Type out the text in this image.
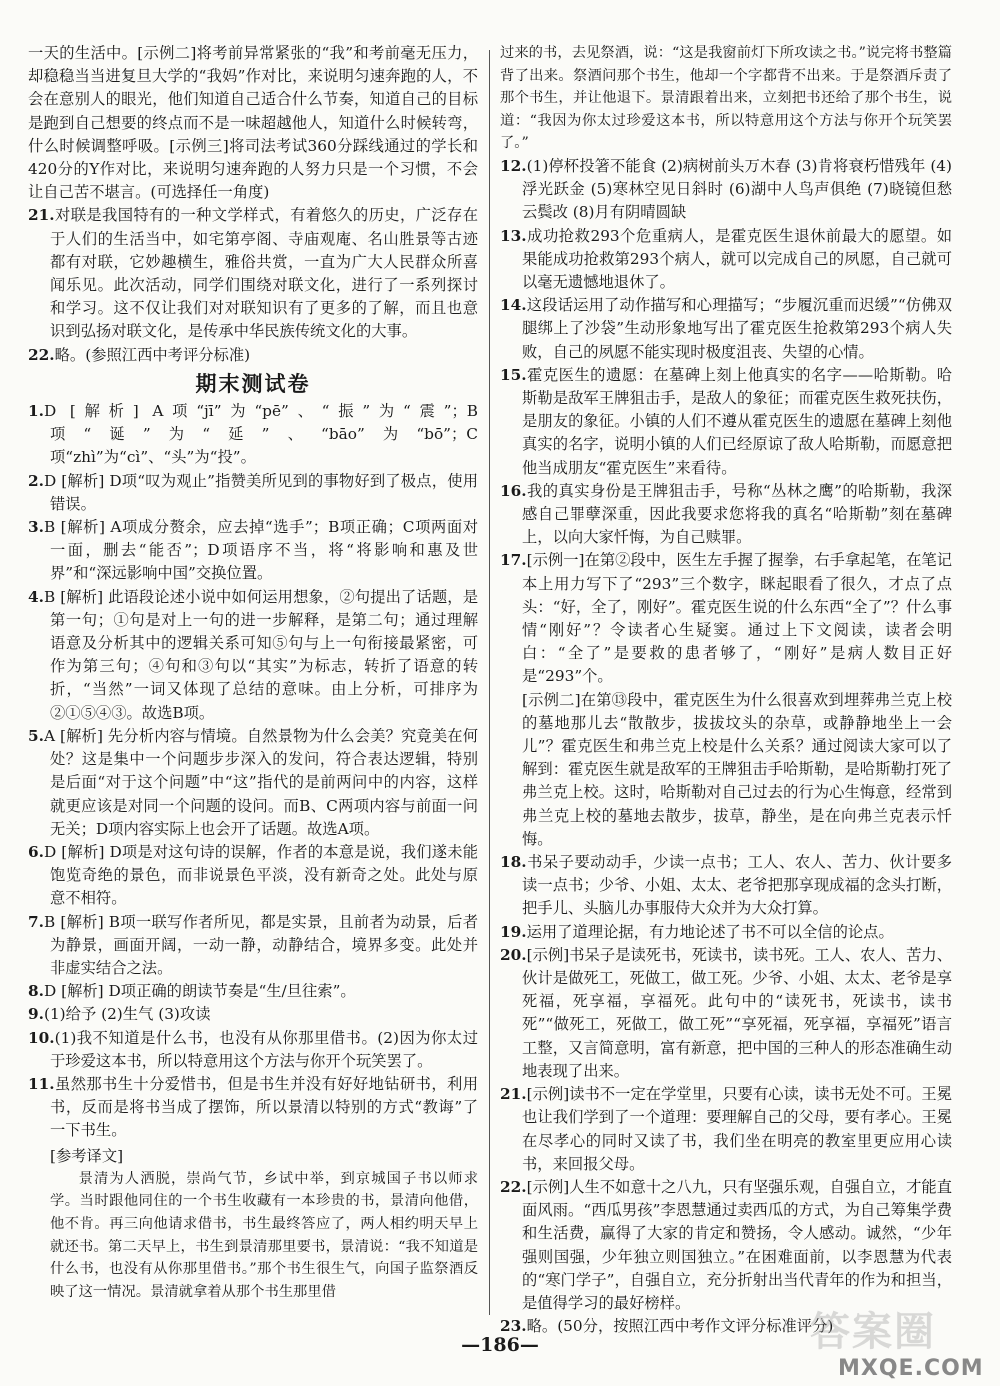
一天的生活中。[示例二]将考前异常紧张的“我”和考前毫无压力，却稳稳当当进复旦大学的“我妈”作对比，来说明匀速奔跑的人，不会在意别人的眼光，他们知道自己适合什么节奏，知道自己的目标是跑到自己想要的终点而不是一味超越他人，知道什么时候转弯，什么时候调整呼吸。[示例三]将司法考试360分踩线通过的学长和420分的Y作对比，来说明匀速奔跑的人努力只是一个习惯，不会让自己苦不堪言。(可选择任一角度)

21.对联是我国特有的一种文学样式，有着悠久的历史，广泛存在于人们的生活当中，如宅第亭阁、寺庙观庵、名山胜景等古迹都有对联，它妙趣横生，雅俗共赏，一直为广大人民群众所喜闻乐见。此次活动，同学们围绕对联文化，进行了一系列探讨和学习。这不仅让我们对对联知识有了更多的了解，而且也意识到弘扬对联文化，是传承中华民族传统文化的大事。

22.略。(参照江西中考评分标准)

期末测试卷

1.D [解析] A项“jī”为“pē”、“振”为“震”；B项“诞”为“延”、“bāo”为“bō”；C项“zhì”为“cì”、“头”为“投”。

2.D [解析] D项“叹为观止”指赞美所见到的事物好到了极点，使用错误。

3.B [解析] A项成分赘余，应去掉“选手”；B项正确；C项两面对一面，删去“能否”；D项语序不当，将“将影响和惠及世界”和“深远影响中国”交换位置。

4.B [解析] 此语段论述小说中如何运用想象，②句提出了话题，是第一句；①句是对上一句的进一步解释，是第二句；通过理解语意及分析其中的逻辑关系可知⑤句与上一句衔接最紧密，可作为第三句；④句和③句以“其实”为标志，转折了语意的转折，“当然”一词又体现了总结的意味。由上分析，可排序为②①⑤④③。故选B项。

5.A [解析] 先分析内容与情境。自然景物为什么会美？究竟美在何处？这是集中一个问题步步深入的发问，符合表达逻辑，特别是后面“对于这个问题”中“这”指代的是前两问中的内容，这样就更应该是对同一个问题的设问。而B、C两项内容与前面一问无关；D项内容实际上也会开了话题。故选A项。

6.D [解析] D项是对这句诗的误解，作者的本意是说，我们遂未能饱览奇绝的景色，而非说景色平淡，没有新奇之处。此处与原意不相符。

7.B [解析] B项一联写作者所见，都是实景，且前者为动景，后者为静景，画面开阔，一动一静，动静结合，境界多变。此处并非虚实结合之法。

8.D [解析] D项正确的朗读节奏是“生/旦往索”。

9.(1)给予 (2)生气 (3)攻读

10.(1)我不知道是什么书，也没有从你那里借书。(2)因为你太过于珍爱这本书，所以特意用这个方法与你开个玩笑罢了。

11.虽然那书生十分爱惜书，但是书生并没有好好地钻研书，利用书，反而是将书当成了摆饰，所以景清以特别的方式“教诲”了一下书生。

[参考译文]

景清为人洒脱，崇尚气节，乡试中举，到京城国子书以师求学。当时跟他同住的一个书生收藏有一本珍贵的书，景清向他借，他不肯。再三向他请求借书，书生最终答应了，两人相约明天早上就还书。第二天早上，书生到景清那里要书，景清说：“我不知道是什么书，也没有从你那里借书。”那个书生很生气，向国子监祭酒反映了这一情况。景清就拿着从那个书生那里借

过来的书，去见祭酒，说：“这是我窗前灯下所攻读之书。”说完将书整篇背了出来。祭酒问那个书生，他却一个字都背不出来。于是祭酒斥责了那个书生，并让他退下。景清跟着出来，立刻把书还给了那个书生，说道：“我因为你太过珍爱这本书，所以特意用这个方法与你开个玩笑罢了。”

12.(1)停杯投箸不能食 (2)病树前头万木春 (3)肯将衰朽惜残年 (4)浮光跃金 (5)寒林空见日斜时 (6)湖中人鸟声俱绝 (7)晓镜但愁云鬓改 (8)月有阴晴圆缺

13.成功抢救293个危重病人，是霍克医生退休前最大的愿望。如果能成功抢救第293个病人，就可以完成自己的夙愿，自己就可以毫无遗憾地退休了。

14.这段话运用了动作描写和心理描写；“步履沉重而迟缓”“仿佛双腿绑上了沙袋”生动形象地写出了霍克医生抢救第293个病人失败，自己的夙愿不能实现时极度沮丧、失望的心情。

15.霍克医生的遗愿：在墓碑上刻上他真实的名字——哈斯勒。哈斯勒是敌军王牌狙击手，是敌人的象征；而霍克医生救死扶伤，是朋友的象征。小镇的人们不遵从霍克医生的遗愿在墓碑上刻他真实的名字，说明小镇的人们已经原谅了敌人哈斯勒，而愿意把他当成朋友“霍克医生”来看待。

16.我的真实身份是王牌狙击手，号称“丛林之鹰”的哈斯勒，我深感自己罪孽深重，因此我要求您将我的真名“哈斯勒”刻在墓碑上，以向大家忏悔，为自己赎罪。

17.[示例一]在第②段中，医生左手握了握拳，右手拿起笔，在笔记本上用力写下了“293”三个数字，眯起眼看了很久，才点了点头：“好，全了，刚好”。霍克医生说的什么东西“全了”？什么事情“刚好”？令读者心生疑窦。通过上下文阅读，读者会明白：“全了”是要救的患者够了，“刚好”是病人数目正好是“293”个。

[示例二]在第⑬段中，霍克医生为什么很喜欢到埋葬弗兰克上校的墓地那儿去“散散步，拔拔坟头的杂草，或静静地坐上一会儿”？霍克医生和弗兰克上校是什么关系？通过阅读大家可以了解到：霍克医生就是敌军的王牌狙击手哈斯勒，是哈斯勒打死了弗兰克上校。这时，哈斯勒对自己过去的行为心生悔意，经常到弗兰克上校的墓地去散步，拔草，静坐，是在向弗兰克表示忏悔。

18.书呆子要动动手，少读一点书；工人、农人、苦力、伙计要多读一点书；少爷、小姐、太太、老爷把那享现成福的念头打断，把手儿、头脑儿办事服侍大众并为大众打算。

19.运用了道理论据，有力地论述了书不可以全信的论点。

20.[示例]书呆子是读死书，死读书，读书死。工人、农人、苦力、伙计是做死工，死做工，做工死。少爷、小姐、太太、老爷是享死福，死享福，享福死。此句中的“读死书，死读书，读书死”“做死工，死做工，做工死”“享死福，死享福，享福死”语言工整，又言简意明，富有新意，把中国的三种人的形态准确生动地表现了出来。

21.[示例]读书不一定在学堂里，只要有心读，读书无处不可。王冕也让我们学到了一个道理：要理解自己的父母，要有孝心。王冕在尽孝心的同时又读了书，我们坐在明亮的教室里更应用心读书，来回报父母。

22.[示例]人生不如意十之八九，只有坚强乐观，自强自立，才能直面风雨。“西瓜男孩”李恩慧通过卖西瓜的方式，为自己筹集学费和生活费，赢得了大家的肯定和赞扬，令人感动。诚然，“少年强则国强，少年独立则国独立。”在困难面前，以李恩慧为代表的“寒门学子”，自强自立，充分折射出当代青年的作为和担当，是值得学习的最好榜样。

23.略。(50分，按照江西中考作文评分标准评分)

答案圈
MXQE.COM
—186—
